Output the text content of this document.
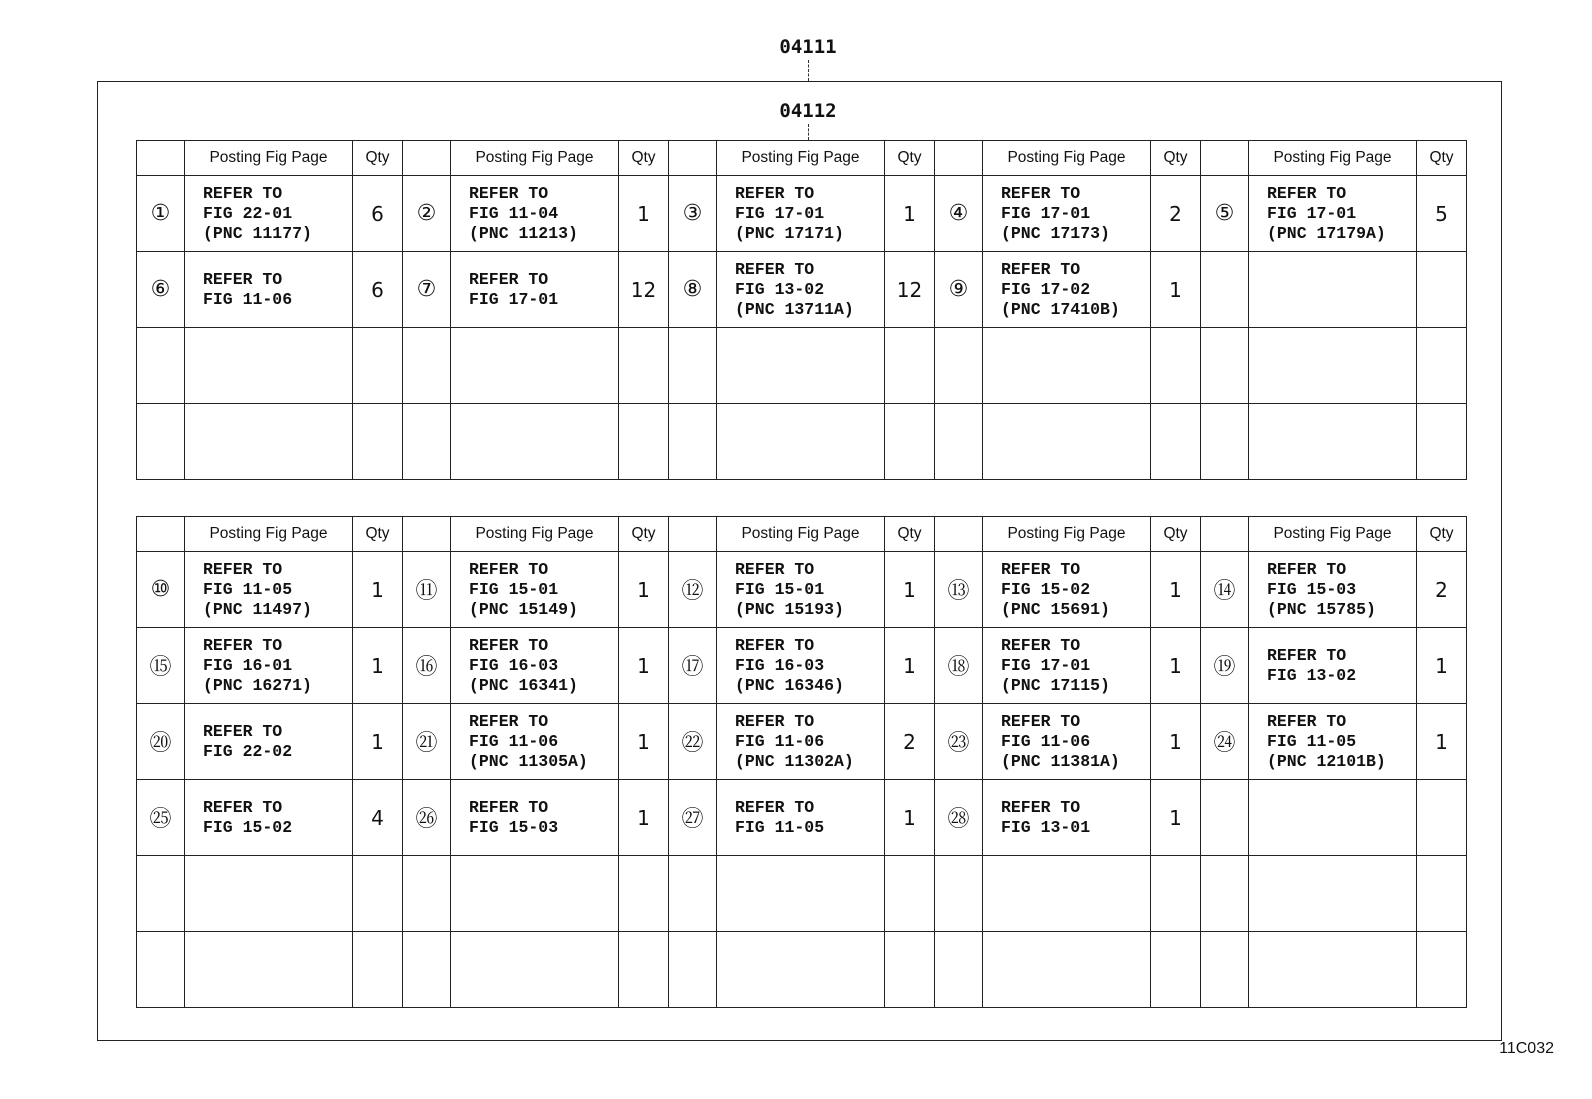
04111
04112
	Posting Fig Page	Qty		Posting Fig Page	Qty		Posting Fig Page	Qty		Posting Fig Page	Qty		Posting Fig Page	Qty
①	REFER TO
FIG 22-01
(PNC 11177)	6	②	REFER TO
FIG 11-04
(PNC 11213)	1	③	REFER TO
FIG 17-01
(PNC 17171)	1	④	REFER TO
FIG 17-01
(PNC 17173)	2	⑤	REFER TO
FIG 17-01
(PNC 17179A)	5
⑥	REFER TO
FIG 11-06	6	⑦	REFER TO
FIG 17-01	12	⑧	REFER TO
FIG 13-02
(PNC 13711A)	12	⑨	REFER TO
FIG 17-02
(PNC 17410B)	1			

	Posting Fig Page	Qty		Posting Fig Page	Qty		Posting Fig Page	Qty		Posting Fig Page	Qty		Posting Fig Page	Qty
⑩	REFER TO
FIG 11-05
(PNC 11497)	1	⑪	REFER TO
FIG 15-01
(PNC 15149)	1	⑫	REFER TO
FIG 15-01
(PNC 15193)	1	⑬	REFER TO
FIG 15-02
(PNC 15691)	1	⑭	REFER TO
FIG 15-03
(PNC 15785)	2
⑮	REFER TO
FIG 16-01
(PNC 16271)	1	⑯	REFER TO
FIG 16-03
(PNC 16341)	1	⑰	REFER TO
FIG 16-03
(PNC 16346)	1	⑱	REFER TO
FIG 17-01
(PNC 17115)	1	⑲	REFER TO
FIG 13-02	1
⑳	REFER TO
FIG 22-02	1	㉑	REFER TO
FIG 11-06
(PNC 11305A)	1	㉒	REFER TO
FIG 11-06
(PNC 11302A)	2	㉓	REFER TO
FIG 11-06
(PNC 11381A)	1	㉔	REFER TO
FIG 11-05
(PNC 12101B)	1
㉕	REFER TO
FIG 15-02	4	㉖	REFER TO
FIG 15-03	1	㉗	REFER TO
FIG 11-05	1	㉘	REFER TO
FIG 13-01	1			

11C032
